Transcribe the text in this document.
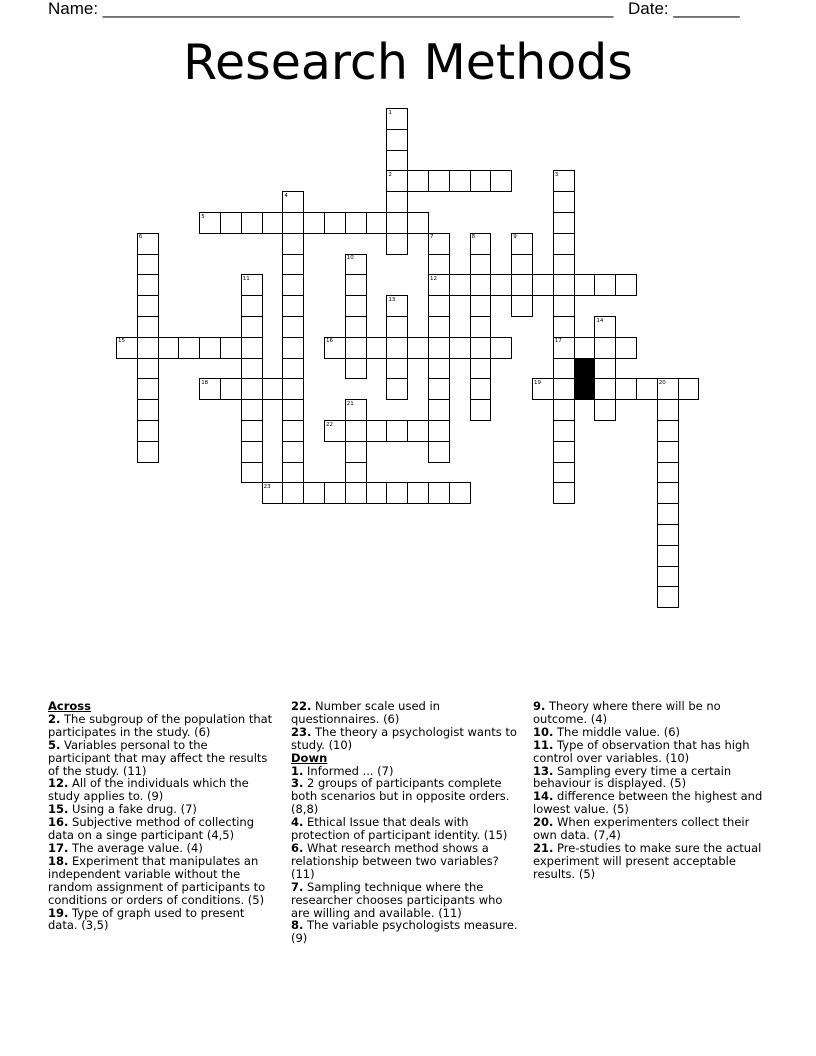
Name: ______________________________________________________ Date: _______
Research Methods
1
2	3
4
5
6	7	8	9
10
11	12
13
14
15	16	17
18	19	20
21
22
23
Across
2. The subgroup of the population that participates in the study. (6)
5. Variables personal to the participant that may affect the results of the study. (11)
12. All of the individuals which the study applies to. (9)
15. Using a fake drug. (7)
16. Subjective method of collecting data on a singe participant (4,5)
17. The average value. (4)
18. Experiment that manipulates an independent variable without the random assignment of participants to conditions or orders of conditions. (5)
19. Type of graph used to present data. (3,5)
22. Number scale used in questionnaires. (6)
23. The theory a psychologist wants to study. (10)
Down
1. Informed ... (7)
3. 2 groups of participants complete both scenarios but in opposite orders. (8,8)
4. Ethical Issue that deals with protection of participant identity. (15)
6. What research method shows a relationship between two variables? (11)
7. Sampling technique where the researcher chooses participants who are willing and available. (11)
8. The variable psychologists measure. (9)
9. Theory where there will be no outcome. (4)
10. The middle value. (6)
11. Type of observation that has high control over variables. (10)
13. Sampling every time a certain behaviour is displayed. (5)
14. difference between the highest and lowest value. (5)
20. When experimenters collect their own data. (7,4)
21. Pre-studies to make sure the actual experiment will present acceptable results. (5)
